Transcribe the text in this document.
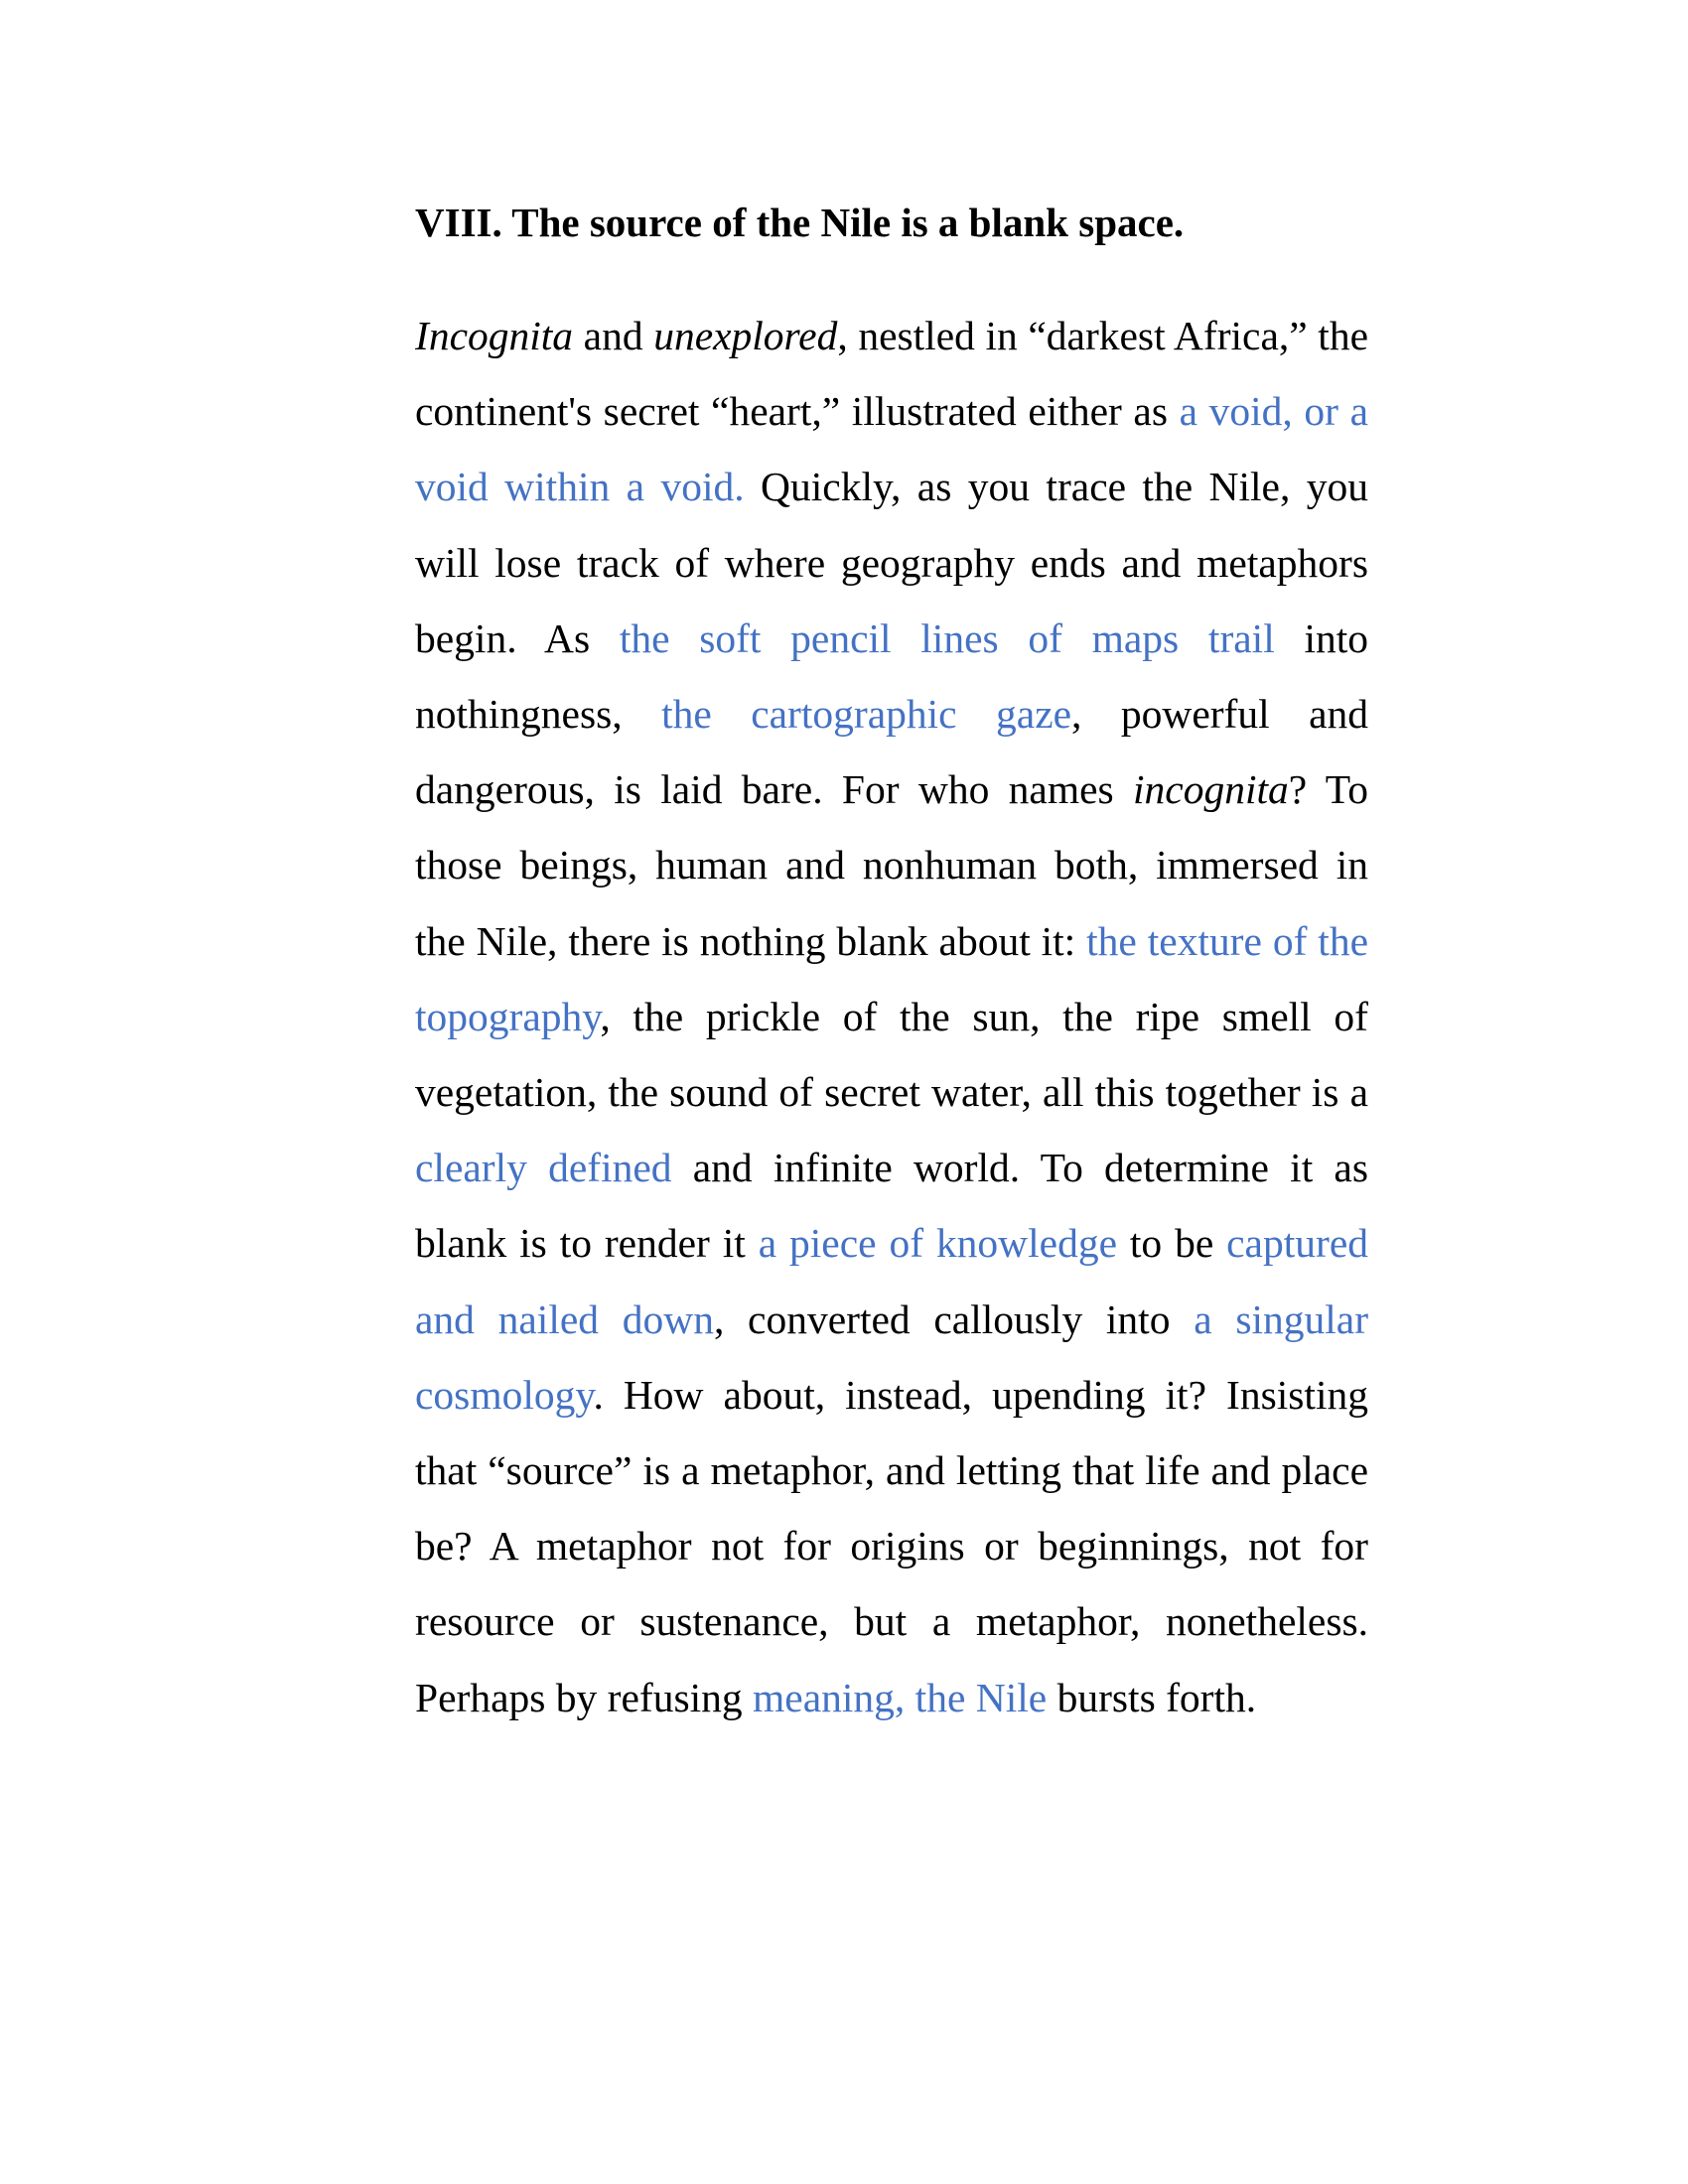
VIII. The source of the Nile is a blank space.

Incognita and unexplored, nestled in “darkest Africa,” the continent's secret “heart,” illustrated either as a void, or a void within a void. Quickly, as you trace the Nile, you will lose track of where geography ends and metaphors begin. As the soft pencil lines of maps trail into nothingness, the cartographic gaze, powerful and dangerous, is laid bare. For who names incognita? To those beings, human and nonhuman both, immersed in the Nile, there is nothing blank about it: the texture of the topography, the prickle of the sun, the ripe smell of vegetation, the sound of secret water, all this together is a clearly defined and infinite world. To determine it as blank is to render it a piece of knowledge to be captured and nailed down, converted callously into a singular cosmology. How about, instead, upending it? Insisting that “source” is a metaphor, and letting that life and place be? A metaphor not for origins or beginnings, not for resource or sustenance, but a metaphor, nonetheless. Perhaps by refusing meaning, the Nile bursts forth.
